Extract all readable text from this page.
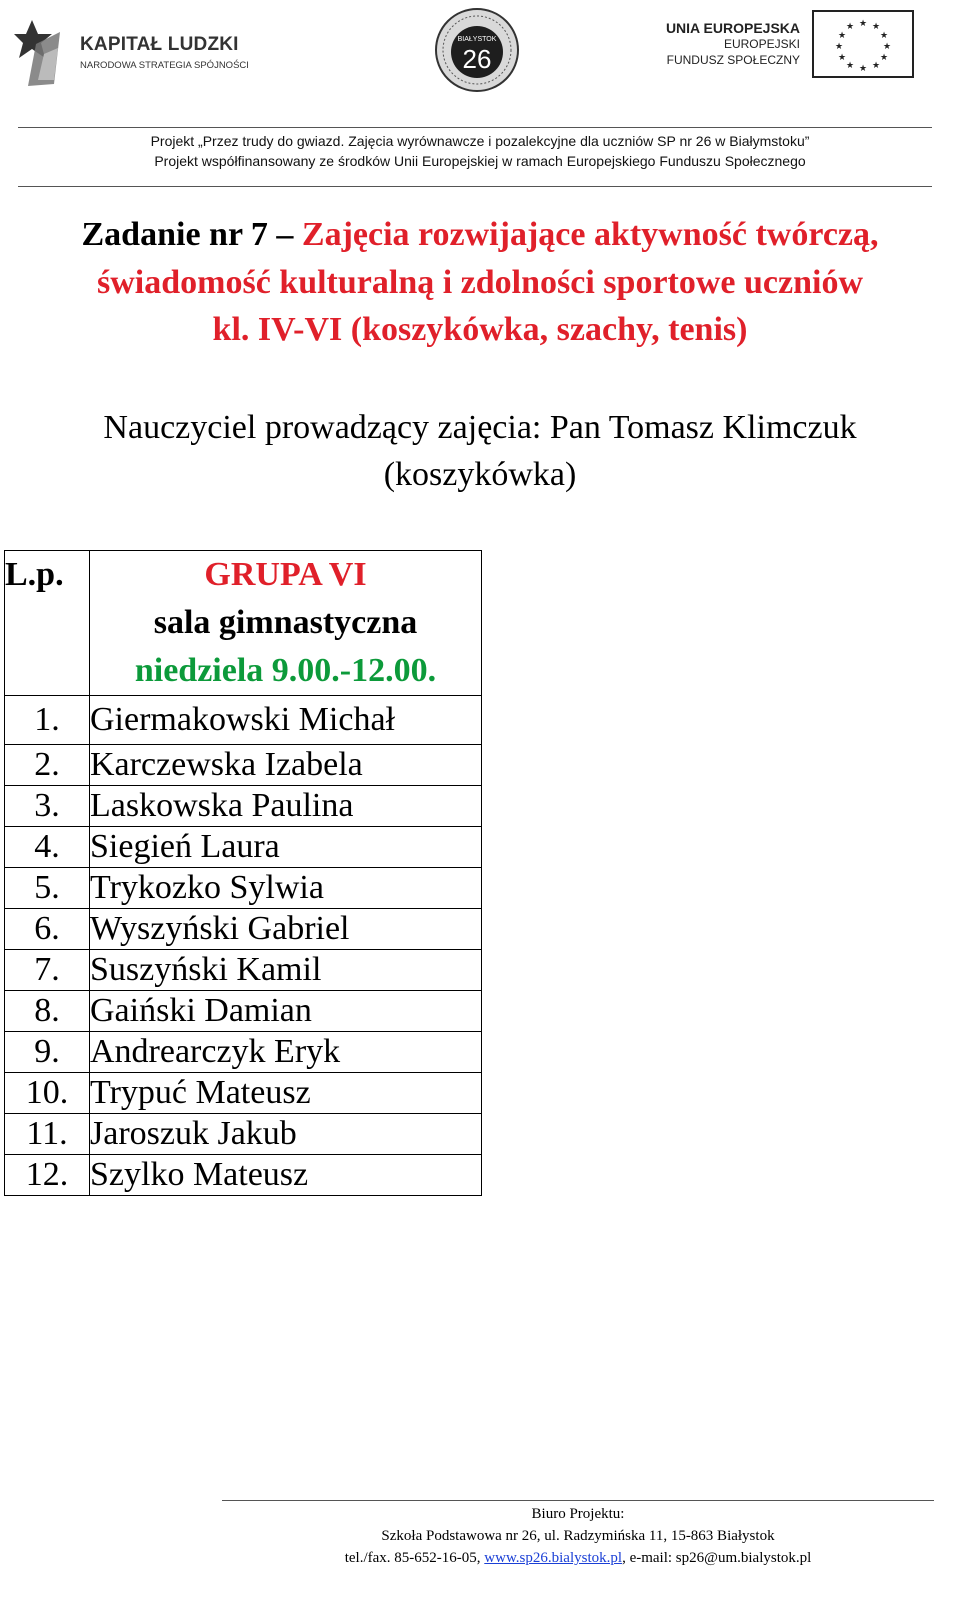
KAPITAŁ LUDZKI
NARODOWA STRATEGIA SPÓJNOŚCI
BIAŁYSTOK
26
UNIA EUROPEJSKA
EUROPEJSKI
FUNDUSZ SPOŁECZNY
★ ★
★
★
★
★
★
★
★
★
★
★
Projekt „Przez trudy do gwiazd. Zajęcia wyrównawcze i pozalekcyjne dla uczniów SP nr 26 w Białymstoku”
Projekt współfinansowany ze środków Unii Europejskiej w ramach Europejskiego Funduszu Społecznego
Zadanie nr 7 – Zajęcia rozwijające aktywność twórczą,
świadomość kulturalną i zdolności sportowe uczniów
kl. IV-VI (koszykówka, szachy, tenis)
Nauczyciel prowadzący zajęcia: Pan Tomasz Klimczuk
(koszykówka)
L.p.	GRUPA VI
sala gimnastyczna
niedziela 9.00.-12.00.

1.	Giermakowski Michał
2.	Karczewska Izabela
3.	Laskowska Paulina
4.	Siegień Laura
5.	Trykozko Sylwia
6.	Wyszyński Gabriel
7.	Suszyński Kamil
8.	Gaiński Damian
9.	Andrearczyk Eryk
10.	Trypuć Mateusz
11.	Jaroszuk Jakub
12.	Szylko Mateusz
Biuro Projektu:
Szkoła Podstawowa nr 26, ul. Radzymińska 11, 15-863 Białystok
tel./fax. 85-652-16-05, www.sp26.bialystok.pl, e-mail: sp26@um.bialystok.pl
